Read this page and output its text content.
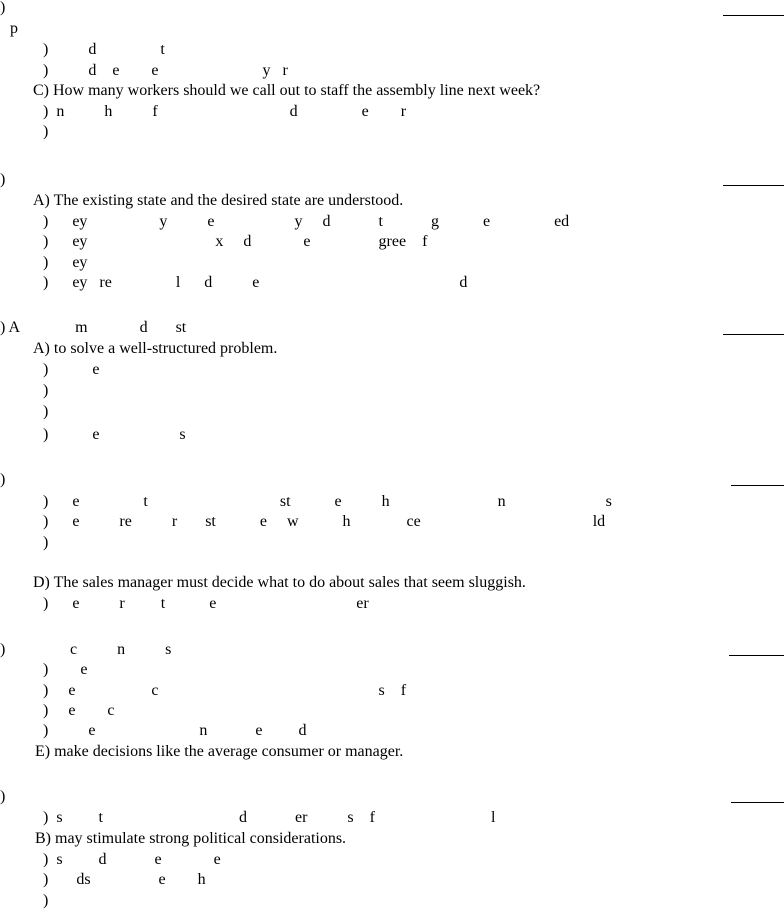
)
p
)          d                t
)          d    e        e                          y   r
C) How many workers should we call out to staff the assembly line next week?
)  n          h          f                                 d                e        r
)
)
A) The existing state and the desired state are understood.
)      ey                  y          e                    y     d            t            g           e                ed
)      ey                                x     d             e                 gree    f
)      ey
)      ey   re                l      d          e                                                  d
) A              m             d       st
A) to solve a well-structured problem.
)           e
)
)
)           e                    s
)
)      e                t                                 st           e          h                           n                         s
)      e          re          r       st           e     w           h              ce                                           ld
)
D) The sales manager must decide what to do about sales that seem sluggish.
)      e          r         t           e                                   er
)	c          n          s
)        e
)     e                   c                                                       s    f
)     e        c
)          e                          n            e         d
E) make decisions like the average consumer or manager.
)
)  s         t                                  d            er          s    f                             l
B) may stimulate strong political considerations.
)  s         d            e             e
)       ds                 e        h
)
